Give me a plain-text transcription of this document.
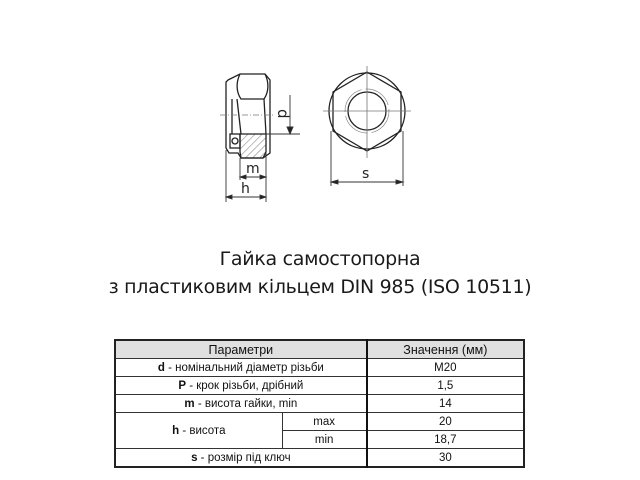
d
m
h
s
Гайка самостопорна
з пластиковим кільцем DIN 985 (ISO 10511)
Параметри		Значення (мм)
d - номінальний діаметр різьби		M20
P - крок різьби, дрібний		1,5
m - висота гайки, min		14
h - висота	max	20
	min	18,7
s - розмір під ключ		30
